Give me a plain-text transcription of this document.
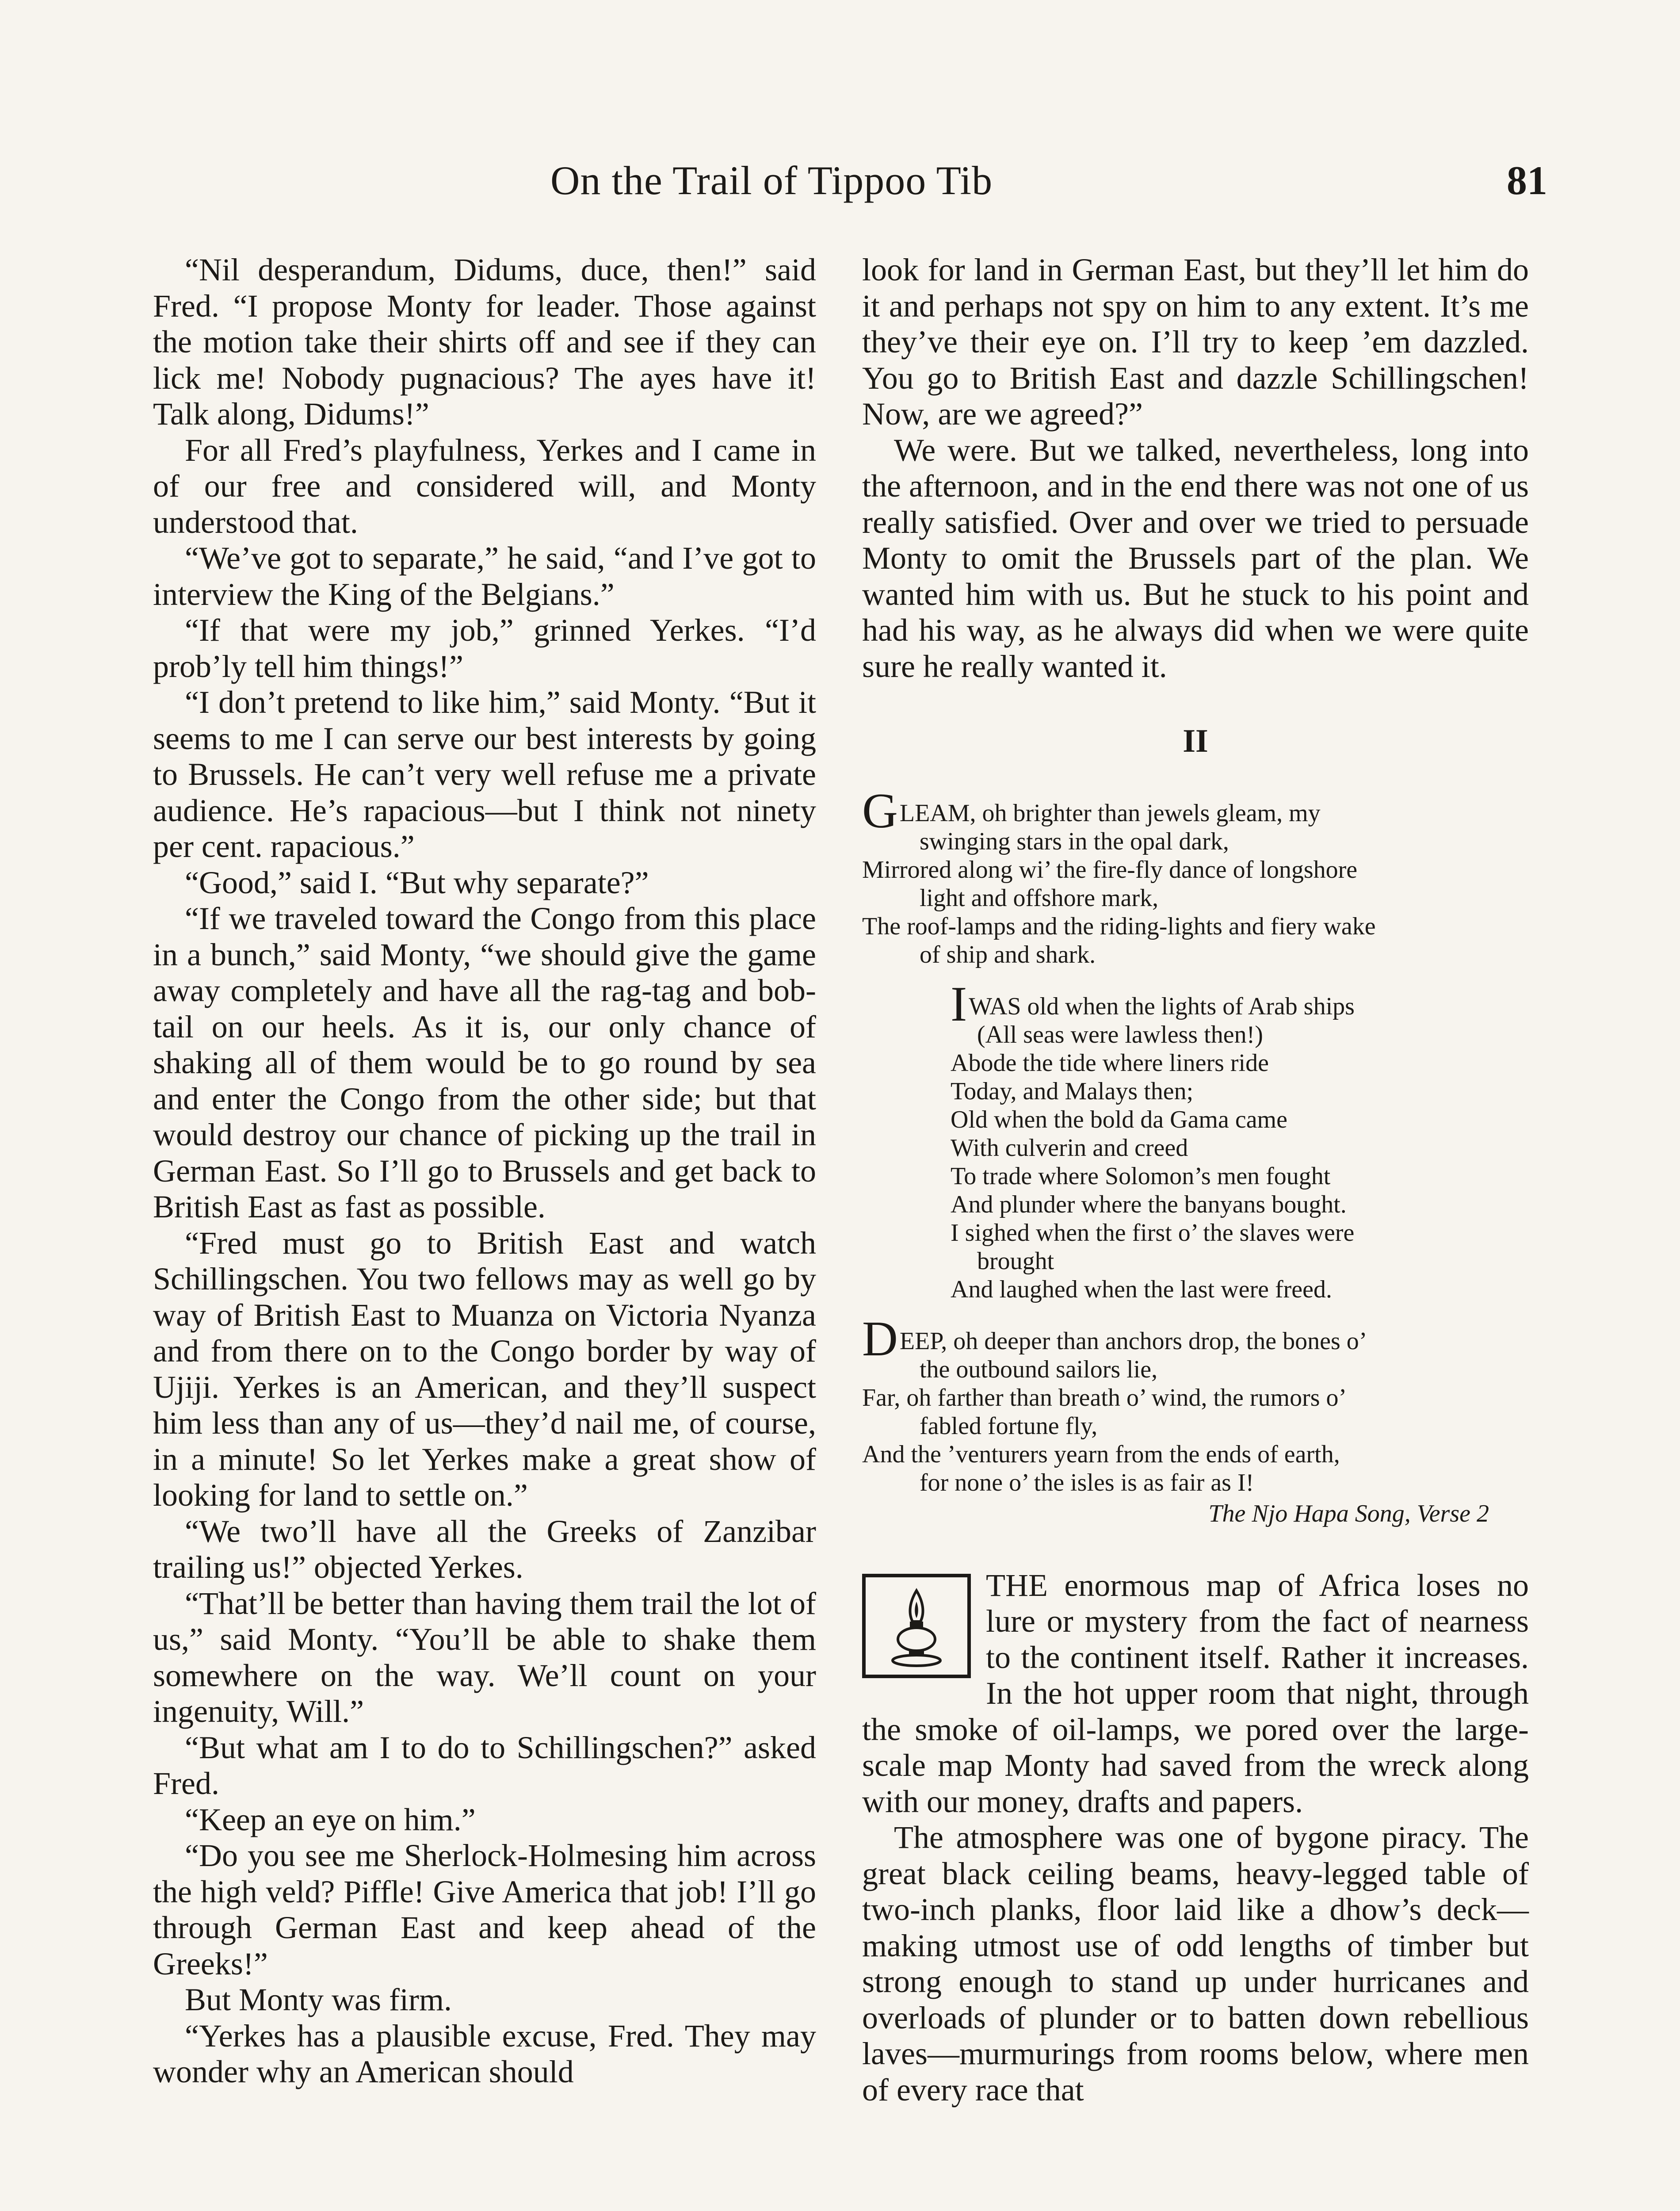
On the Trail of Tippoo Tib	81

“Nil desperandum, Didums, duce, then!” said Fred. “I propose Monty for leader. Those against the motion take their shirts off and see if they can lick me! Nobody pugnacious? The ayes have it! Talk along, Didums!”

For all Fred’s playfulness, Yerkes and I came in of our free and considered will, and Monty understood that.

“We’ve got to separate,” he said, “and I’ve got to interview the King of the Belgians.”

“If that were my job,” grinned Yerkes. “I’d prob’ly tell him things!”

“I don’t pretend to like him,” said Monty. “But it seems to me I can serve our best interests by going to Brussels. He can’t very well refuse me a private audience. He’s rapacious—but I think not ninety per cent. rapacious.”

“Good,” said I. “But why separate?”

“If we traveled toward the Congo from this place in a bunch,” said Monty, “we should give the game away completely and have all the rag-tag and bob-tail on our heels. As it is, our only chance of shaking all of them would be to go round by sea and enter the Congo from the other side; but that would destroy our chance of picking up the trail in German East. So I’ll go to Brussels and get back to British East as fast as possible.

“Fred must go to British East and watch Schillingschen. You two fellows may as well go by way of British East to Muanza on Victoria Nyanza and from there on to the Congo border by way of Ujiji. Yerkes is an American, and they’ll suspect him less than any of us—they’d nail me, of course, in a minute! So let Yerkes make a great show of looking for land to settle on.”

“We two’ll have all the Greeks of Zanzibar trailing us!” objected Yerkes.

“That’ll be better than having them trail the lot of us,” said Monty. “You’ll be able to shake them somewhere on the way. We’ll count on your ingenuity, Will.”

“But what am I to do to Schillingschen?” asked Fred.

“Keep an eye on him.”

“Do you see me Sherlock-Holmesing him across the high veld? Piffle! Give America that job! I’ll go through German East and keep ahead of the Greeks!”

But Monty was firm.

“Yerkes has a plausible excuse, Fred. They may wonder why an American should

look for land in German East, but they’ll let him do it and perhaps not spy on him to any extent. It’s me they’ve their eye on. I’ll try to keep ’em dazzled. You go to British East and dazzle Schillingschen! Now, are we agreed?”

We were. But we talked, nevertheless, long into the afternoon, and in the end there was not one of us really satisfied. Over and over we tried to persuade Monty to omit the Brussels part of the plan. We wanted him with us. But he stuck to his point and had his way, as he always did when we were quite sure he really wanted it.

II
GLEAM, oh brighter than jewels gleam, my
swinging stars in the opal dark,
Mirrored along wi’ the fire-fly dance of longshore
light and offshore mark,
The roof-lamps and the riding-lights and fiery wake
of ship and shark.
IWAS old when the lights of Arab ships
(All seas were lawless then!)
Abode the tide where liners ride
Today, and Malays then;
Old when the bold da Gama came
With culverin and creed
To trade where Solomon’s men fought
And plunder where the banyans bought.
I sighed when the first o’ the slaves were
brought
And laughed when the last were freed.
DEEP, oh deeper than anchors drop, the bones o’
the outbound sailors lie,
Far, oh farther than breath o’ wind, the rumors o’
fabled fortune fly,
And the ’venturers yearn from the ends of earth,
for none o’ the isles is as fair as I!
The Njo Hapa Song, Verse 2

THE enormous map of Africa loses no lure or mystery from the fact of nearness to the continent itself. Rather it increases. In the hot upper room that night, through the smoke of oil-lamps, we pored over the large-scale map Monty had saved from the wreck along with our money, drafts and papers.

The atmosphere was one of bygone piracy. The great black ceiling beams, heavy-legged table of two-inch planks, floor laid like a dhow’s deck—making utmost use of odd lengths of timber but strong enough to stand up under hurricanes and overloads of plunder or to batten down rebellious laves—murmurings from rooms below, where men of every race that
